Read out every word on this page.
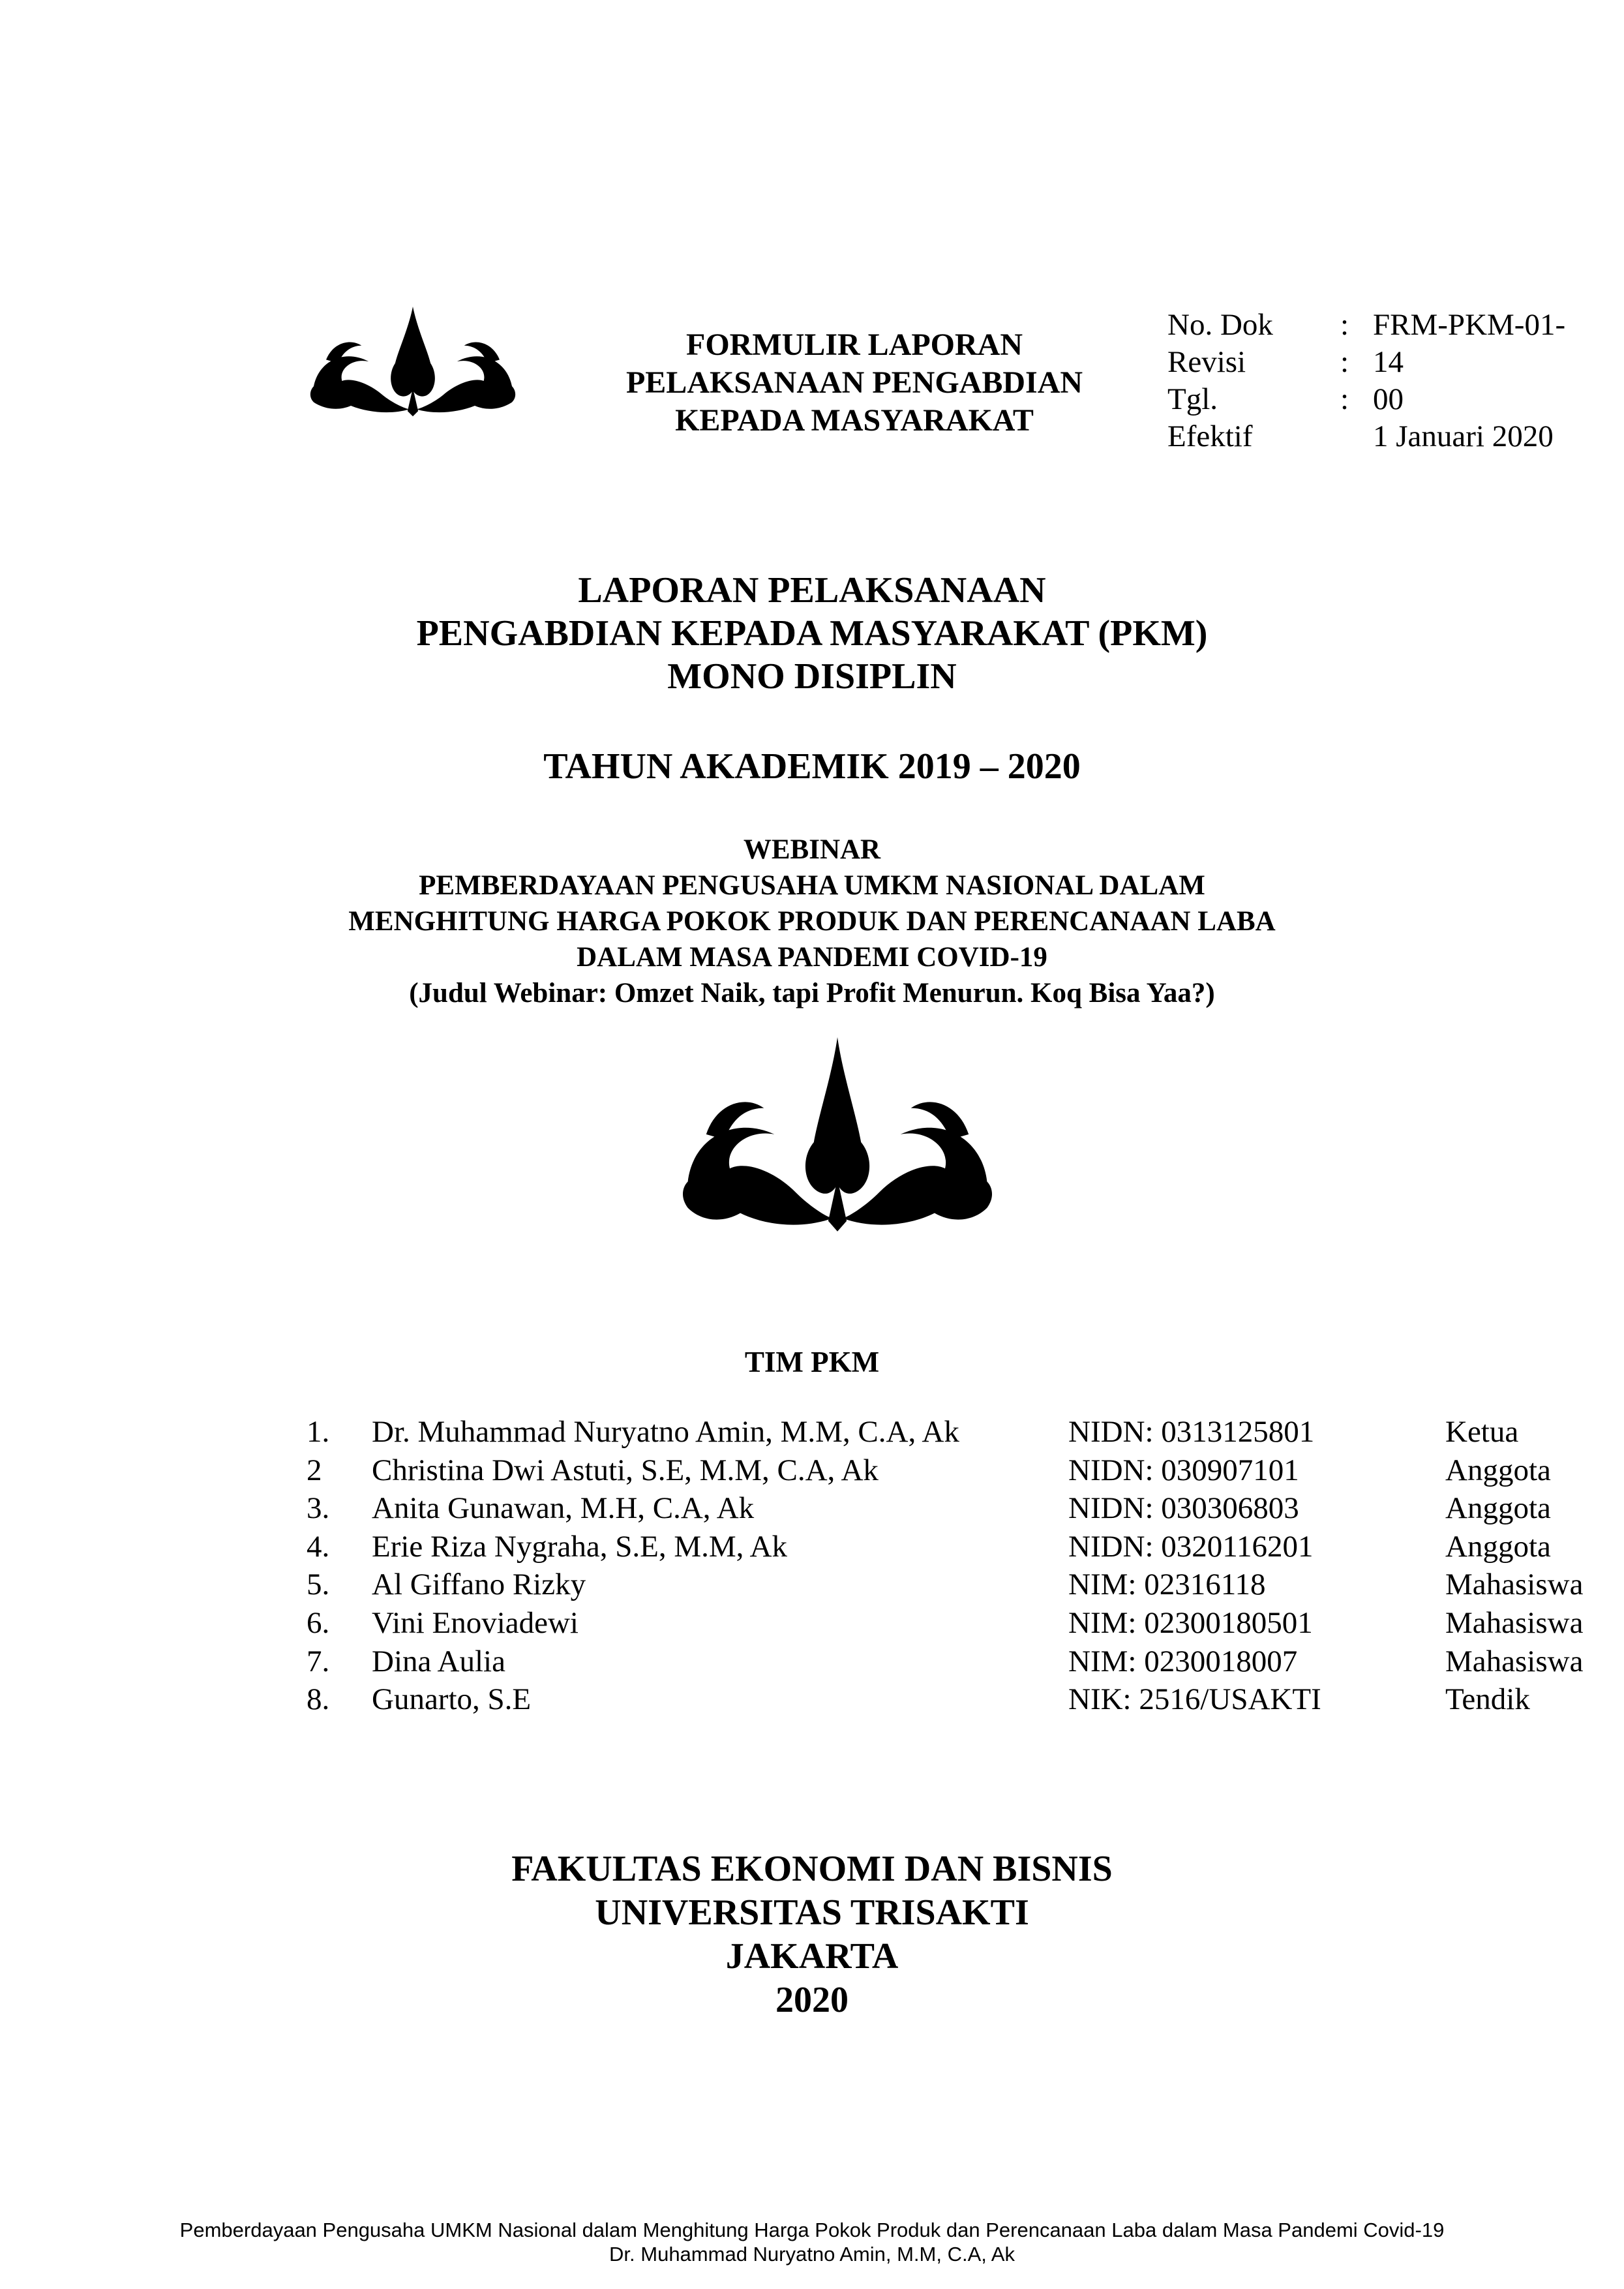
FORMULIR LAPORAN
PELAKSANAAN PENGABDIAN
KEPADA MASYARAKAT
No. Dok	: FRM-PKM-01-
Revisi	: 14
Tgl.	: 00
Efektif	1 Januari 2020
LAPORAN PELAKSANAAN
PENGABDIAN KEPADA MASYARAKAT (PKM)
MONO DISIPLIN
TAHUN AKADEMIK 2019 – 2020
WEBINAR
PEMBERDAYAAN PENGUSAHA UMKM NASIONAL DALAM
MENGHITUNG HARGA POKOK PRODUK DAN PERENCANAAN LABA
DALAM MASA PANDEMI COVID-19
(Judul Webinar: Omzet Naik, tapi Profit Menurun. Koq Bisa Yaa?)
TIM PKM
1.	Dr. Muhammad Nuryatno Amin, M.M, C.A, Ak	NIDN: 0313125801	Ketua
2	Christina Dwi Astuti, S.E, M.M, C.A, Ak	NIDN: 030907101	Anggota
3.	Anita Gunawan, M.H, C.A, Ak	NIDN: 030306803	Anggota
4.	Erie Riza Nygraha, S.E, M.M, Ak	NIDN: 0320116201	Anggota
5.	Al Giffano Rizky	NIM: 02316118	Mahasiswa
6.	Vini Enoviadewi	NIM: 02300180501	Mahasiswa
7.	Dina Aulia	NIM: 0230018007	Mahasiswa
8.	Gunarto, S.E	NIK: 2516/USAKTI	Tendik
FAKULTAS EKONOMI DAN BISNIS
UNIVERSITAS TRISAKTI
JAKARTA
2020
Pemberdayaan Pengusaha UMKM Nasional dalam Menghitung Harga Pokok Produk dan Perencanaan Laba dalam Masa Pandemi Covid-19
Dr. Muhammad Nuryatno Amin, M.M, C.A, Ak
